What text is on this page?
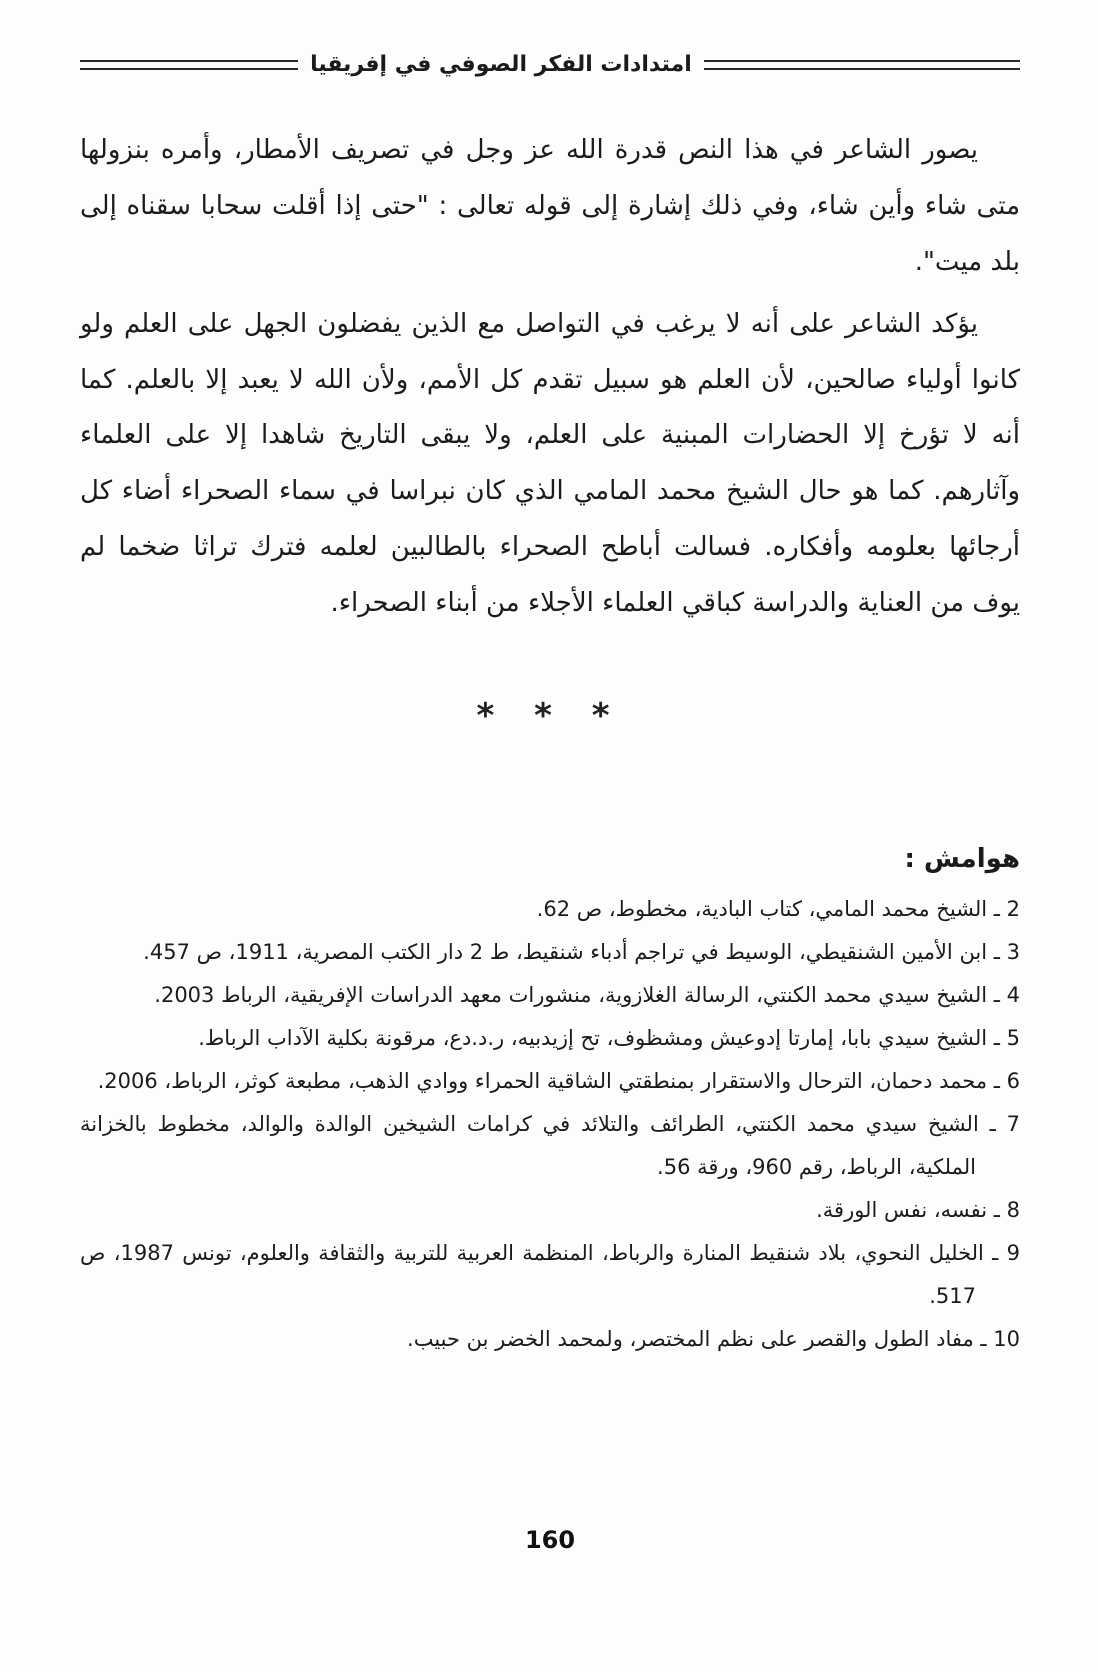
امتدادات الفكر الصوفي في إفريقيا

يصور الشاعر في هذا النص قدرة الله عز وجل في تصريف الأمطار، وأمره بنزولها متى شاء وأين شاء، وفي ذلك إشارة إلى قوله تعالى : "حتى إذا أقلت سحابا سقناه إلى بلد ميت".

يؤكد الشاعر على أنه لا يرغب في التواصل مع الذين يفضلون الجهل على العلم ولو كانوا أولياء صالحين، لأن العلم هو سبيل تقدم كل الأمم، ولأن الله لا يعبد إلا بالعلم. كما أنه لا تؤرخ إلا الحضارات المبنية على العلم، ولا يبقى التاريخ شاهدا إلا على العلماء وآثارهم. كما هو حال الشيخ محمد المامي الذي كان نبراسا في سماء الصحراء أضاء كل أرجائها بعلومه وأفكاره. فسالت أباطح الصحراء بالطالبين لعلمه فترك تراثا ضخما لم يوف من العناية والدراسة كباقي العلماء الأجلاء من أبناء الصحراء.

* * *
هوامش :
2 ـ الشيخ محمد المامي، كتاب البادية، مخطوط، ص 62.
3 ـ ابن الأمين الشنقيطي، الوسيط في تراجم أدباء شنقيط، ط 2 دار الكتب المصرية، 1911، ص 457.
4 ـ الشيخ سيدي محمد الكنتي، الرسالة الغلازوية، منشورات معهد الدراسات الإفريقية، الرباط 2003.
5 ـ الشيخ سيدي بابا، إمارتا إدوعيش ومشظوف، تح إزيدبيه، ر.د.دع، مرقونة بكلية الآداب الرباط.
6 ـ محمد دحمان، الترحال والاستقرار بمنطقتي الشاقية الحمراء ووادي الذهب، مطبعة كوثر، الرباط، 2006.
7 ـ الشيخ سيدي محمد الكنتي، الطرائف والتلائد في كرامات الشيخين الوالدة والوالد، مخطوط بالخزانة الملكية، الرباط، رقم 960، ورقة 56.
8 ـ نفسه، نفس الورقة.
9 ـ الخليل النحوي، بلاد شنقيط المنارة والرباط، المنظمة العربية للتربية والثقافة والعلوم، تونس 1987، ص 517.
10 ـ مفاد الطول والقصر على نظم المختصر، ولمحمد الخضر بن حبيب.
160
